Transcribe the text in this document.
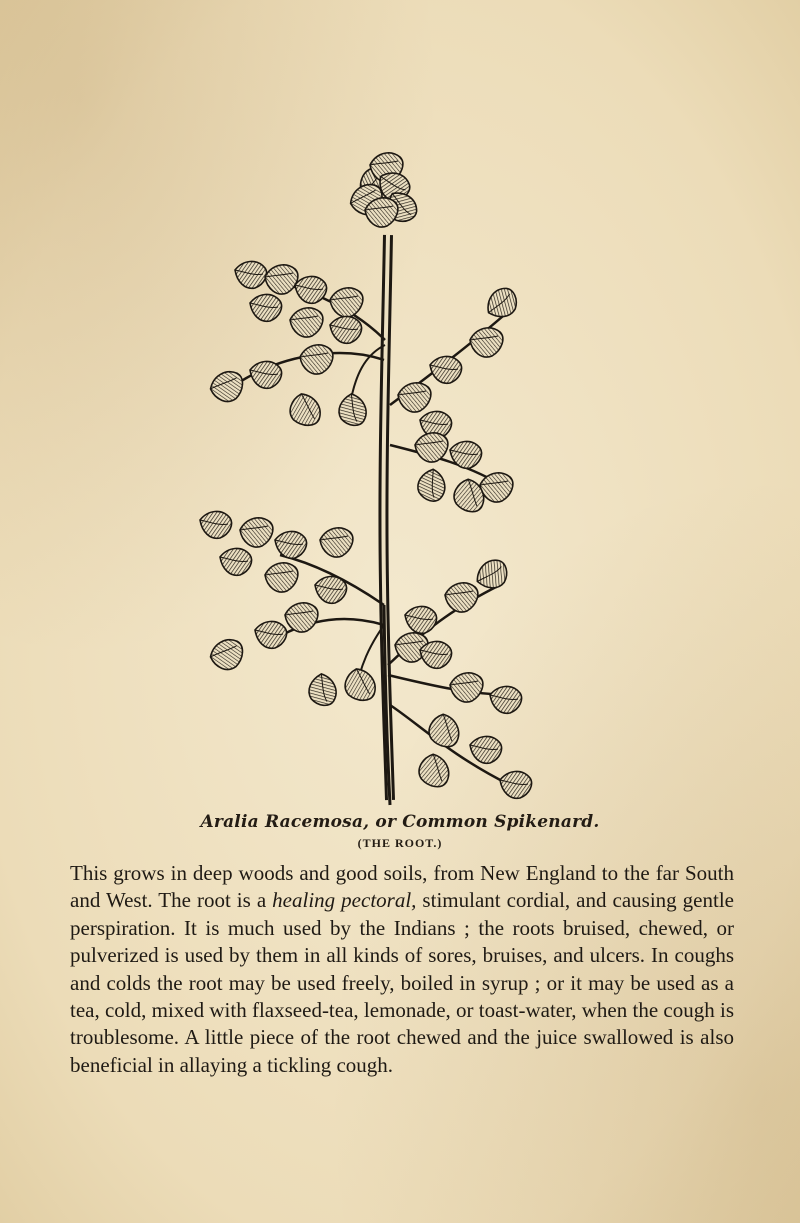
Aralia Racemosa, or Common Spikenard.
(THE ROOT.)

This grows in deep woods and good soils, from New England to the far South and West. The root is a healing pectoral, stimulant cordial, and causing gentle perspiration. It is much used by the Indians ; the roots bruised, chewed, or pulverized is used by them in all kinds of sores, bruises, and ulcers. In coughs and colds the root may be used freely, boiled in syrup ; or it may be used as a tea, cold, mixed with flaxseed-tea, lemonade, or toast-water, when the cough is troublesome. A little piece of the root chewed and the juice swallowed is also beneficial in allaying a tickling cough.
